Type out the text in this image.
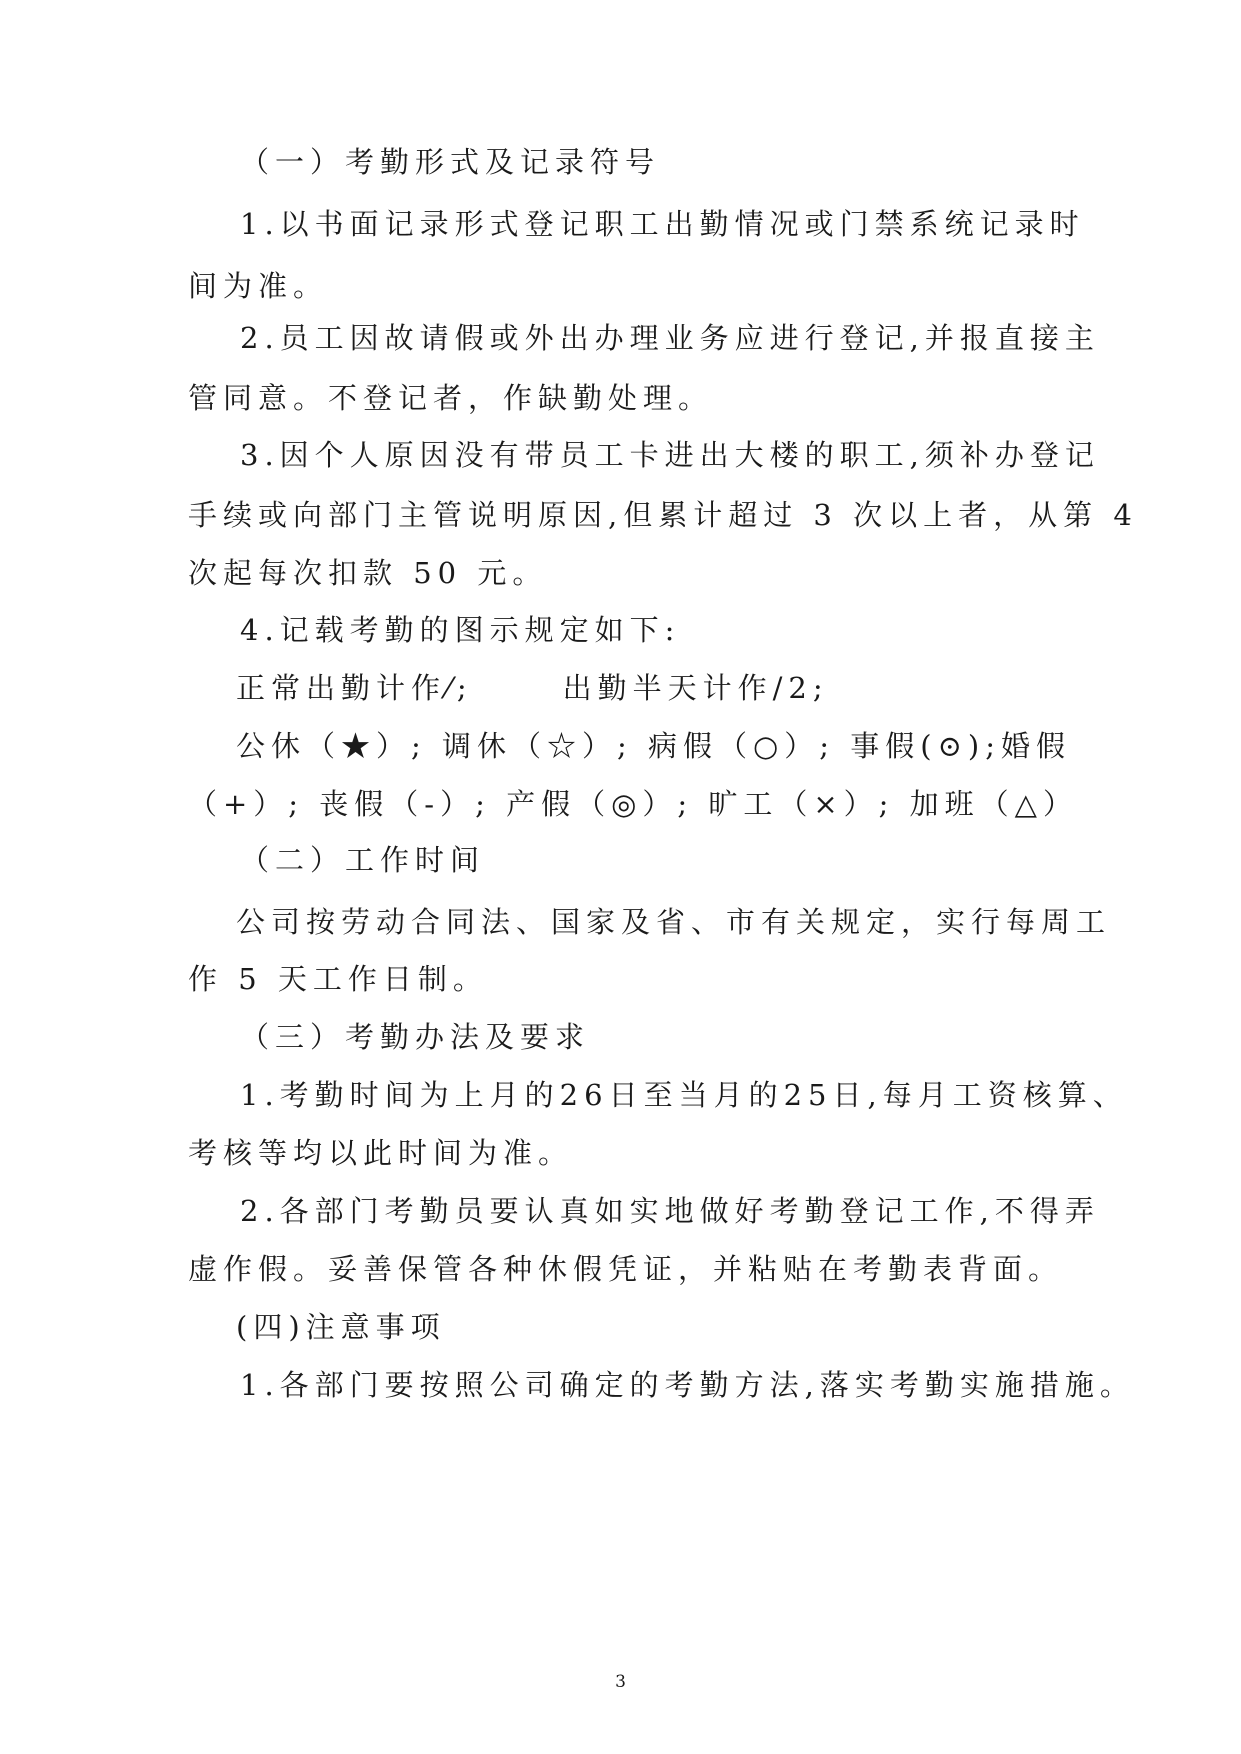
（一）考勤形式及记录符号
1.以书面记录形式登记职工出勤情况或门禁系统记录时
间为准。
2.员工因故请假或外出办理业务应进行登记,并报直接主
管同意。不登记者，作缺勤处理。
3.因个人原因没有带员工卡进出大楼的职工,须补办登记
手续或向部门主管说明原因,但累计超过 3 次以上者，从第 4
次起每次扣款 50 元。
4.记载考勤的图示规定如下:
正常出勤计作⁄;	出勤半天计作/2;
公休（★）; 调休（☆）; 病假（○）; 事假(⊙);婚假
（+）; 丧假（-）; 产假（◎）; 旷工（×）; 加班（△）
（二）工作时间
公司按劳动合同法、国家及省、市有关规定，实行每周工
作 5 天工作日制。
（三）考勤办法及要求
1.考勤时间为上月的26日至当月的25日,每月工资核算、
考核等均以此时间为准。
2.各部门考勤员要认真如实地做好考勤登记工作,不得弄
虚作假。妥善保管各种休假凭证，并粘贴在考勤表背面。
(四)注意事项
1.各部门要按照公司确定的考勤方法,落实考勤实施措施。
3
